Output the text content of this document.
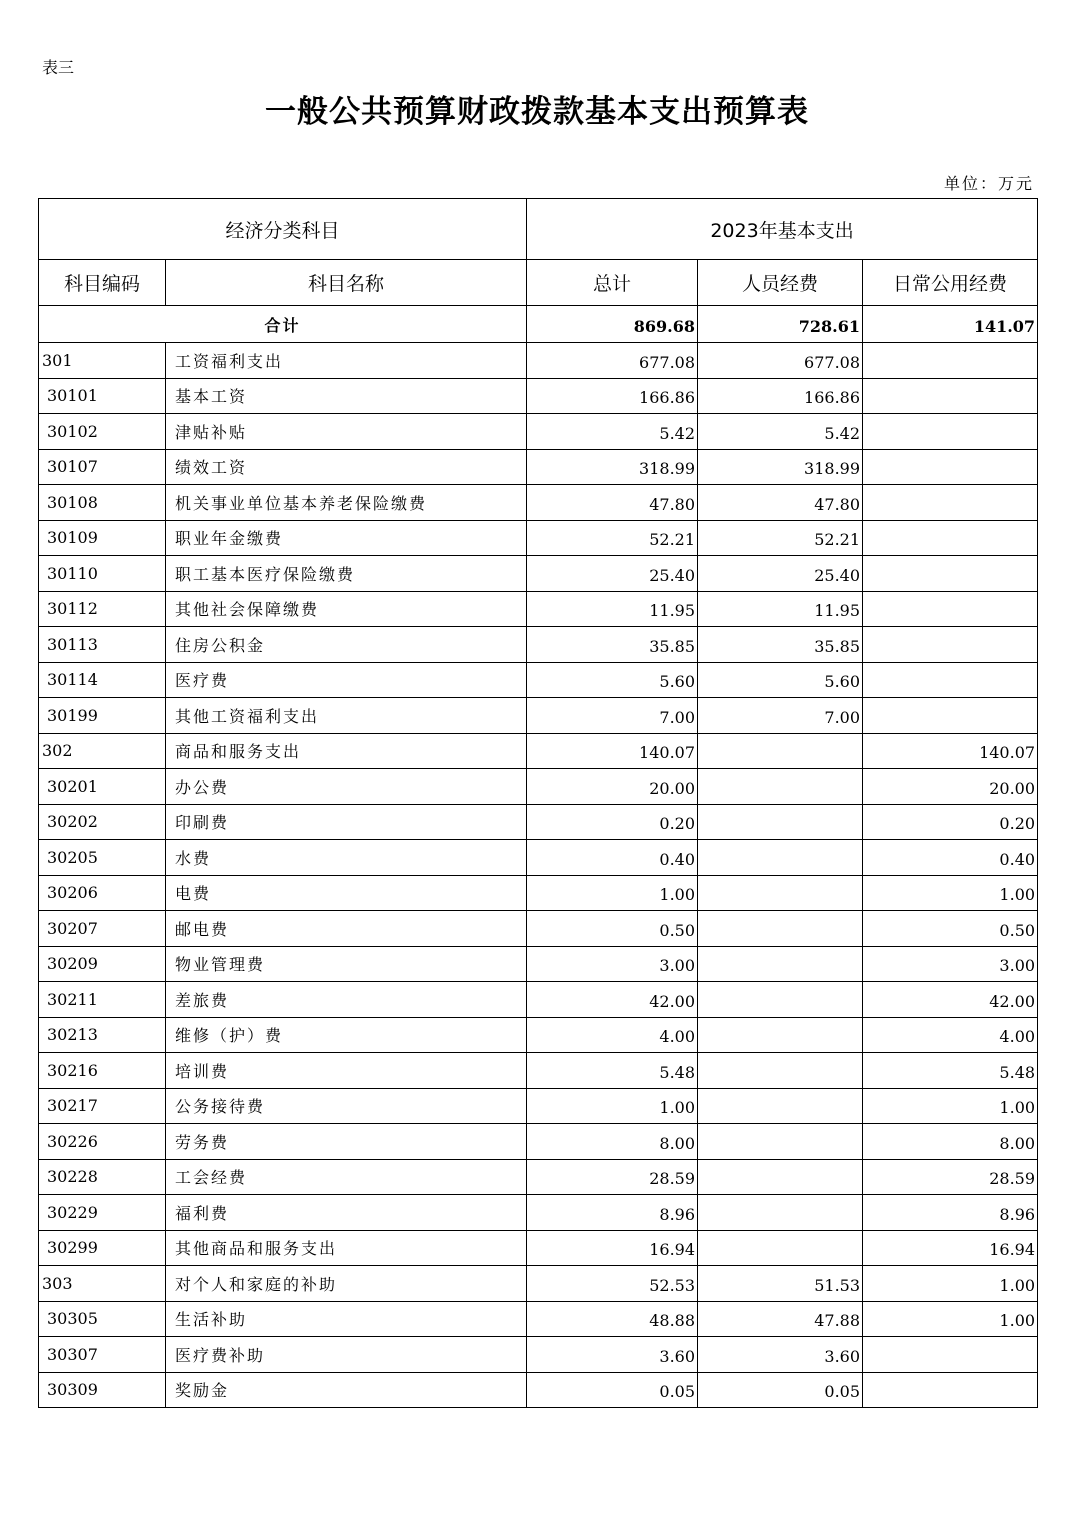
表三
一般公共预算财政拨款基本支出预算表
单位：万元
经济分类科目		2023年基本支出		
科目编码	科目名称	总计	人员经费	日常公用经费
合计		869.68	728.61	141.07
301	工资福利支出	677.08	677.08	
30101	基本工资	166.86	166.86	
30102	津贴补贴	5.42	5.42	
30107	绩效工资	318.99	318.99	
30108	机关事业单位基本养老保险缴费	47.80	47.80	
30109	职业年金缴费	52.21	52.21	
30110	职工基本医疗保险缴费	25.40	25.40	
30112	其他社会保障缴费	11.95	11.95	
30113	住房公积金	35.85	35.85	
30114	医疗费	5.60	5.60	
30199	其他工资福利支出	7.00	7.00	
302	商品和服务支出	140.07		140.07
30201	办公费	20.00		20.00
30202	印刷费	0.20		0.20
30205	水费	0.40		0.40
30206	电费	1.00		1.00
30207	邮电费	0.50		0.50
30209	物业管理费	3.00		3.00
30211	差旅费	42.00		42.00
30213	维修（护）费	4.00		4.00
30216	培训费	5.48		5.48
30217	公务接待费	1.00		1.00
30226	劳务费	8.00		8.00
30228	工会经费	28.59		28.59
30229	福利费	8.96		8.96
30299	其他商品和服务支出	16.94		16.94
303	对个人和家庭的补助	52.53	51.53	1.00
30305	生活补助	48.88	47.88	1.00
30307	医疗费补助	3.60	3.60	
30309	奖励金	0.05	0.05	
